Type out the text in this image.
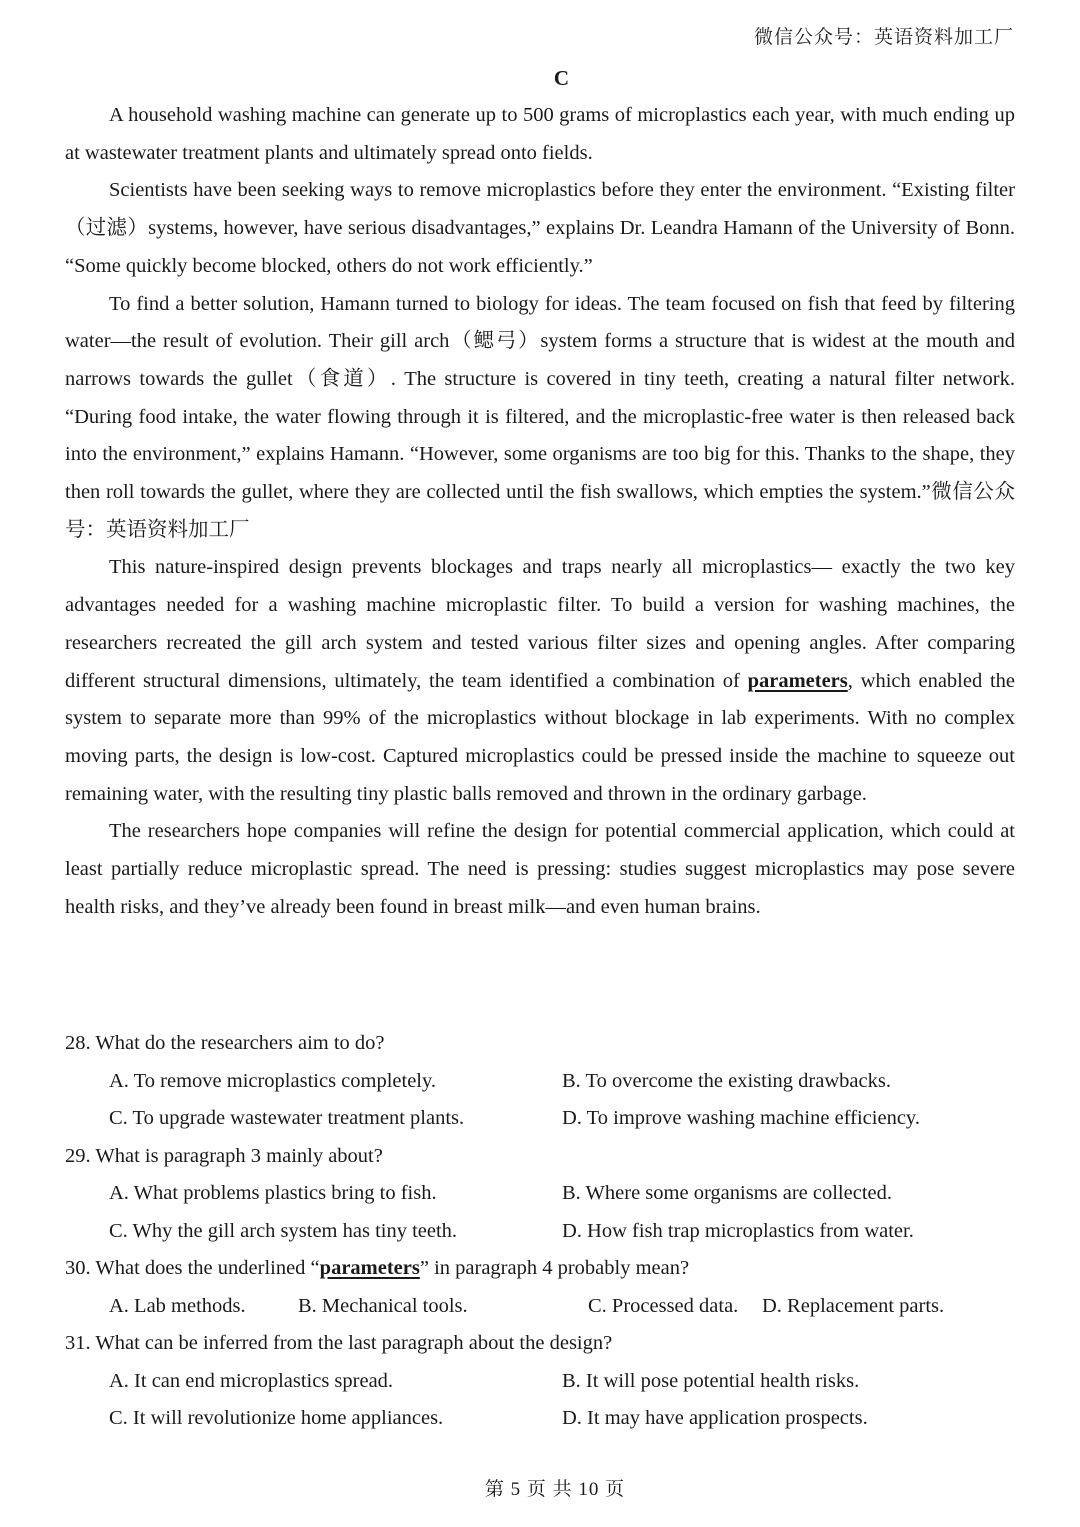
微信公众号：英语资料加工厂
C

A household washing machine can generate up to 500 grams of microplastics each year, with much ending up at wastewater treatment plants and ultimately spread onto fields.

Scientists have been seeking ways to remove microplastics before they enter the environment. “Existing filter（过滤）systems, however, have serious disadvantages,” explains Dr. Leandra Hamann of the University of Bonn. “Some quickly become blocked, others do not work efficiently.”

To find a better solution, Hamann turned to biology for ideas. The team focused on fish that feed by filtering water—the result of evolution. Their gill arch（鳃弓）system forms a structure that is widest at the mouth and narrows towards the gullet（食道）. The structure is covered in tiny teeth, creating a natural filter network. “During food intake, the water flowing through it is filtered, and the microplastic-free water is then released back into the environment,” explains Hamann. “However, some organisms are too big for this. Thanks to the shape, they then roll towards the gullet, where they are collected until the fish swallows, which empties the system.”微信公众号：英语资料加工厂

This nature-inspired design prevents blockages and traps nearly all microplastics— exactly the two key advantages needed for a washing machine microplastic filter. To build a version for washing machines, the researchers recreated the gill arch system and tested various filter sizes and opening angles. After comparing different structural dimensions, ultimately, the team identified a combination of parameters, which enabled the system to separate more than 99% of the microplastics without blockage in lab experiments. With no complex moving parts, the design is low-cost. Captured microplastics could be pressed inside the machine to squeeze out remaining water, with the resulting tiny plastic balls removed and thrown in the ordinary garbage.

The researchers hope companies will refine the design for potential commercial application, which could at least partially reduce microplastic spread. The need is pressing: studies suggest microplastics may pose severe health risks, and they’ve already been found in breast milk—and even human brains.

28. What do the researchers aim to do?
A. To remove microplastics completely.	B. To overcome the existing drawbacks.
C. To upgrade wastewater treatment plants.	D. To improve washing machine efficiency.
29. What is paragraph 3 mainly about?
A. What problems plastics bring to fish.	B. Where some organisms are collected.
C. Why the gill arch system has tiny teeth.	D. How fish trap microplastics from water.
30. What does the underlined “parameters” in paragraph 4 probably mean?
A. Lab methods.	B. Mechanical tools.	C. Processed data.	D. Replacement parts.
31. What can be inferred from the last paragraph about the design?
A. It can end microplastics spread.	B. It will pose potential health risks.
C. It will revolutionize home appliances.	D. It may have application prospects.
第 5 页 共 10 页
